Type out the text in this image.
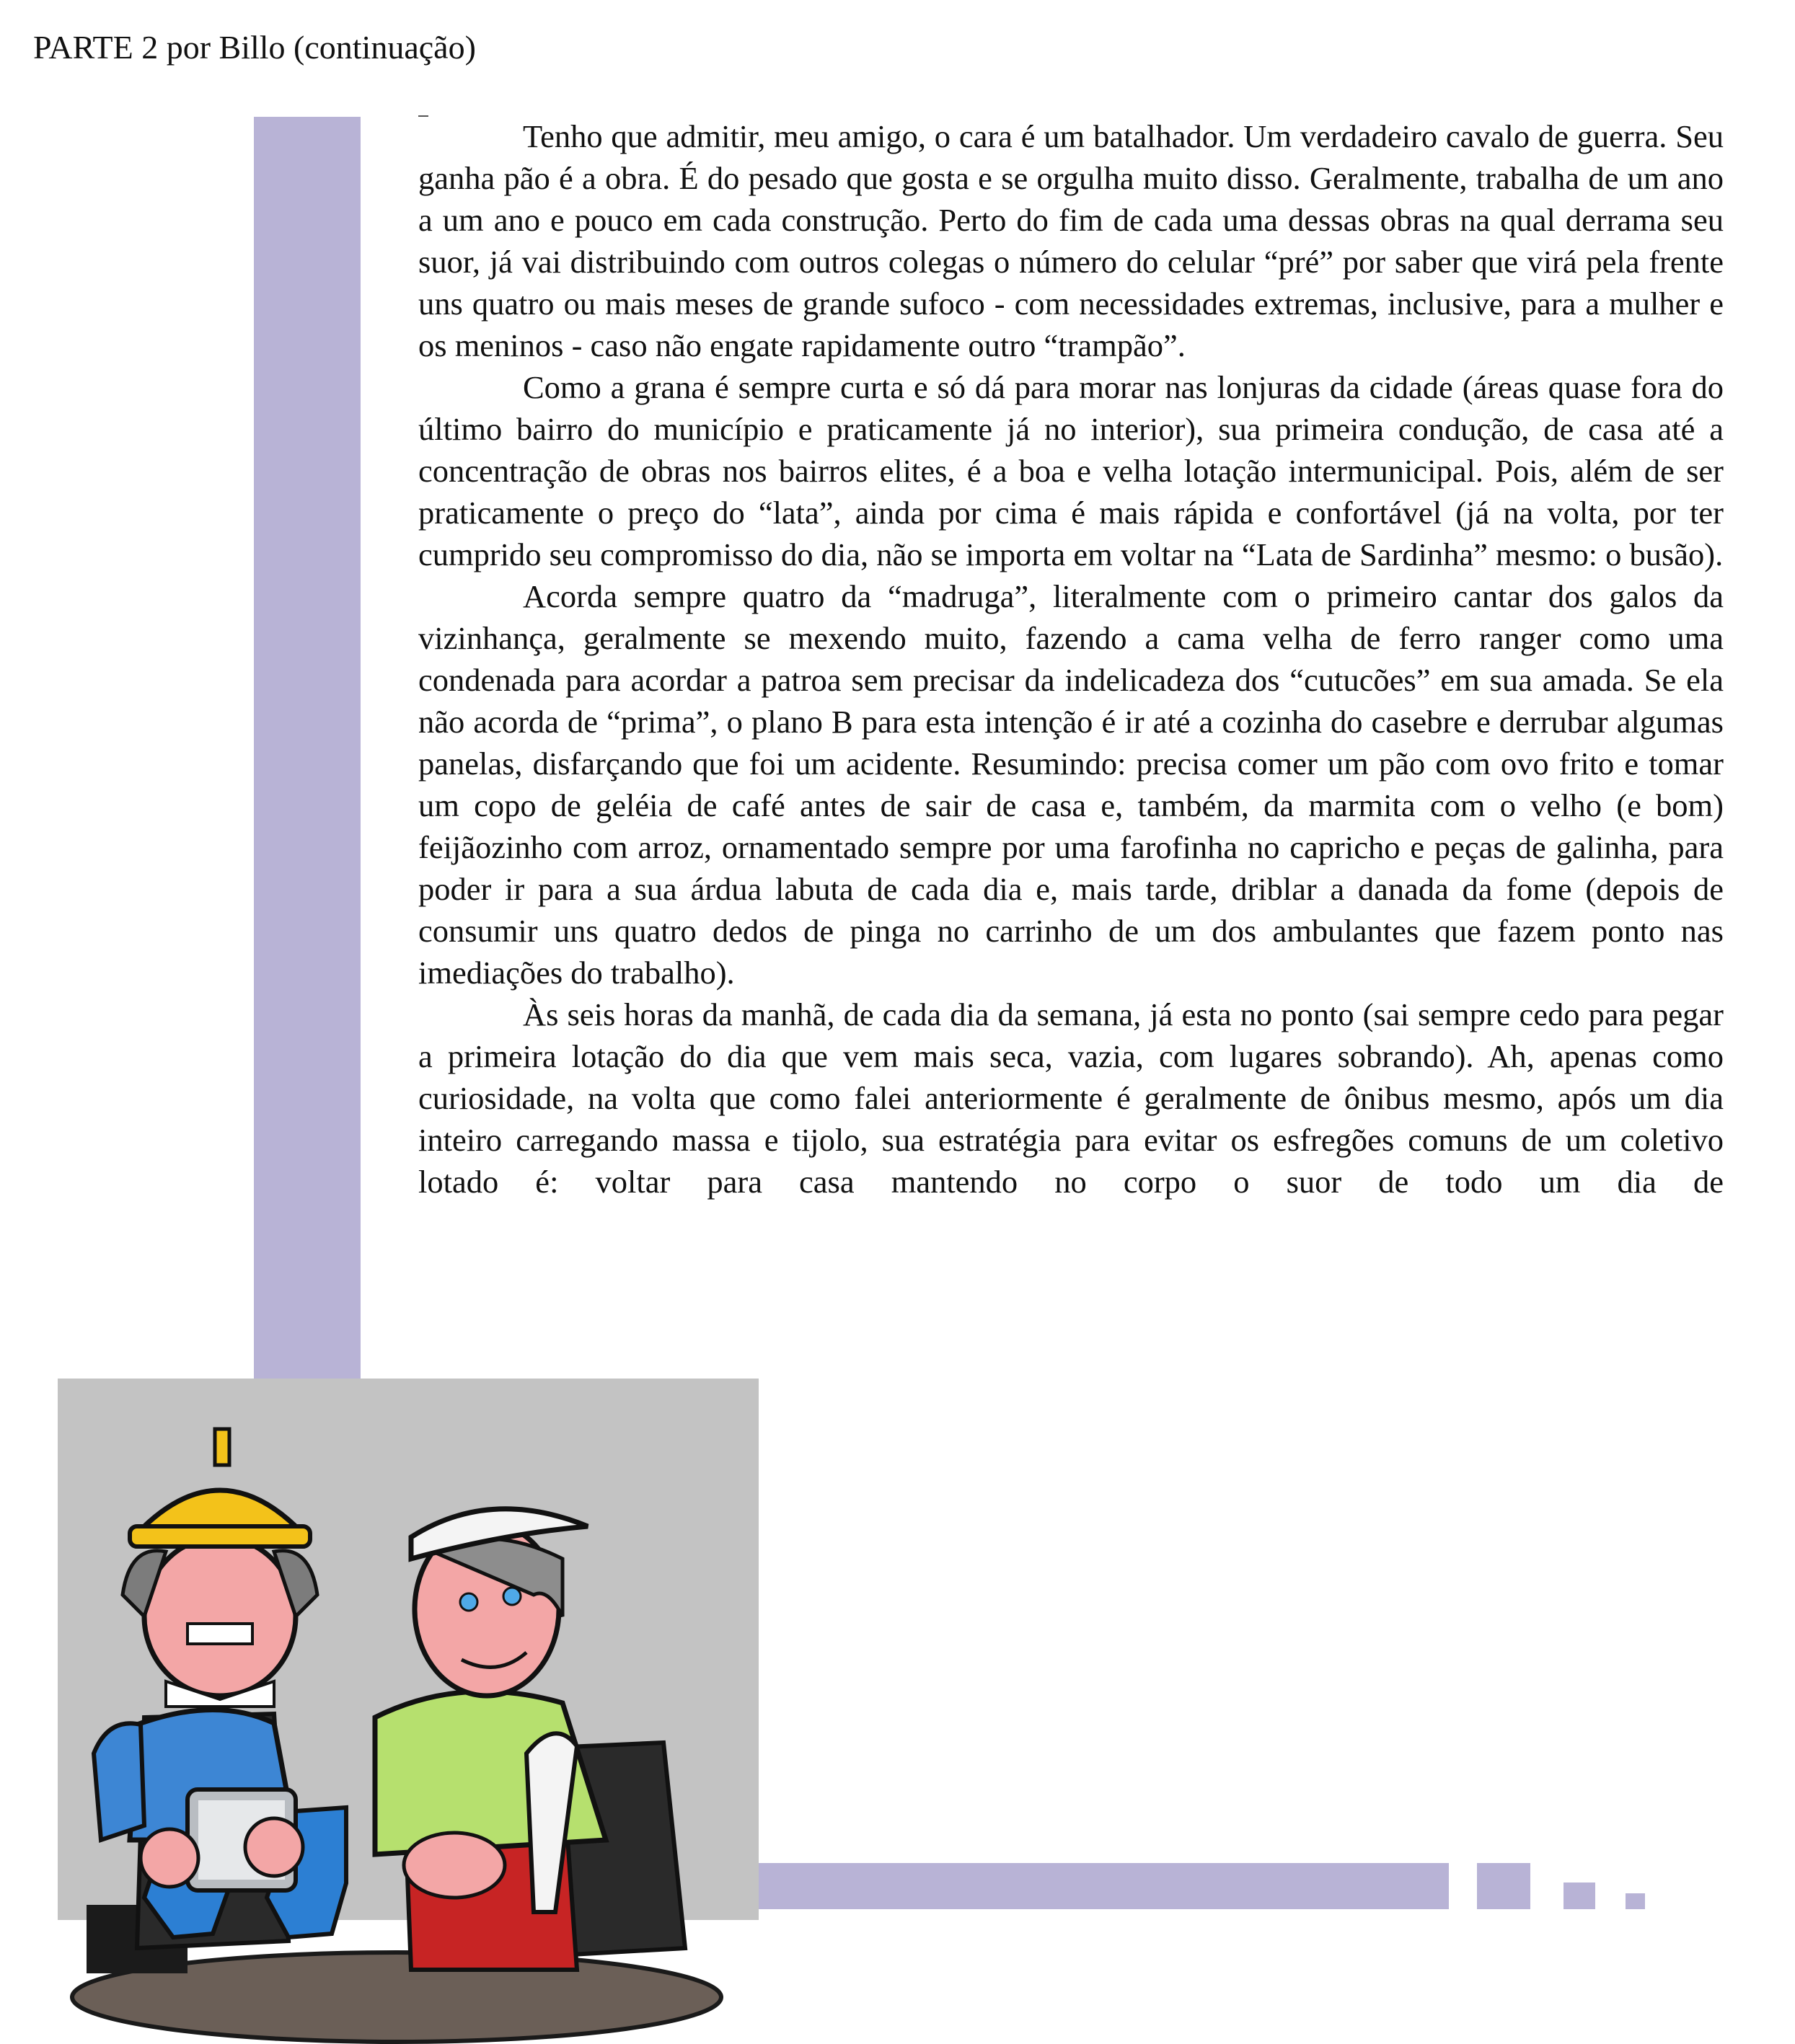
PARTE 2 por Billo (continuação)

Tenho que admitir, meu amigo, o cara é um batalhador. Um verdadeiro cavalo de guerra. Seu ganha pão é a obra. É do pesado que gosta e se orgulha muito disso. Geralmente, trabalha de um ano a um ano e pouco em cada construção. Perto do fim de cada uma dessas obras na qual derrama seu suor, já vai distribuindo com outros colegas o número do celular “pré” por saber que virá pela frente uns quatro ou mais meses de grande sufoco - com necessidades extremas, inclusive, para a mulher e os meninos - caso não engate rapidamente outro “trampão”.

Como a grana é sempre curta e só dá para morar nas lonjuras da cidade (áreas quase fora do último bairro do município e praticamente já no interior), sua primeira condução, de casa até a concentração de obras nos bairros elites, é a boa e velha lotação intermunicipal. Pois, além de ser praticamente o preço do “lata”, ainda por cima é mais rápida e confortável (já na volta, por ter cumprido seu compromisso do dia, não se importa em voltar na “Lata de Sardinha” mesmo: o busão).

Acorda sempre quatro da “madruga”, literalmente com o primeiro cantar dos galos da vizinhança, geralmente se mexendo muito, fazendo a cama velha de ferro ranger como uma condenada para acordar a patroa sem precisar da indelicadeza dos “cutucões” em sua amada. Se ela não acorda de “prima”, o plano B para esta intenção é ir até a cozinha do casebre e derrubar algumas panelas, disfarçando que foi um acidente. Resumindo: precisa comer um pão com ovo frito e tomar um copo de geléia de café antes de sair de casa e, também, da marmita com o velho (e bom) feijãozinho com arroz, ornamentado sempre por uma farofinha no capricho e peças de galinha, para poder ir para a sua árdua labuta de cada dia e, mais tarde, driblar a danada da fome (depois de consumir uns quatro dedos de pinga no carrinho de um dos ambulantes que fazem ponto nas imediações do trabalho).

Às seis horas da manhã, de cada dia da semana, já esta no ponto (sai sempre cedo para pegar a primeira lotação do dia que vem mais seca, vazia, com lugares sobrando). Ah, apenas como curiosidade, na volta que como falei anteriormente é geralmente de ônibus mesmo, após um dia inteiro carregando massa e tijolo, sua estratégia para evitar os esfregões comuns de um coletivo lotado é: voltar para casa mantendo no corpo o suor de todo um dia de
